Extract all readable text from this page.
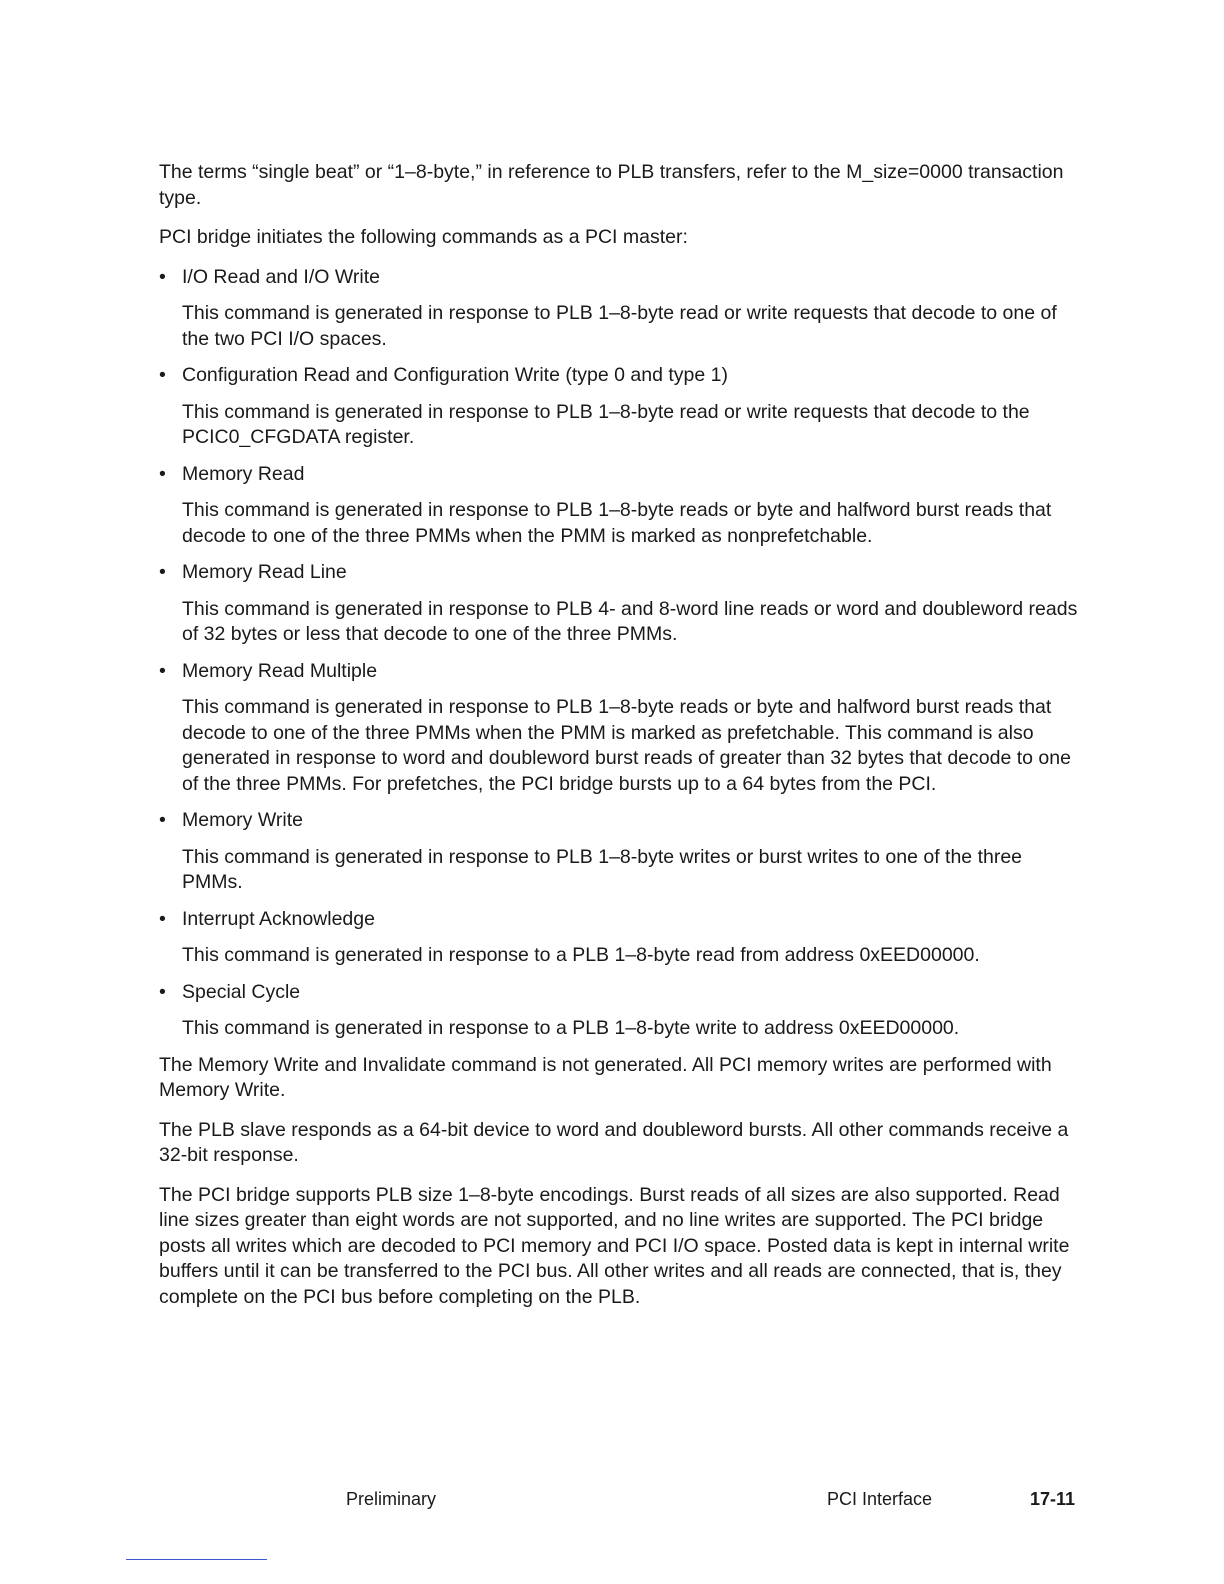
The terms “single beat” or “1–8-byte,” in reference to PLB transfers, refer to the M_size=0000 transaction type.

PCI bridge initiates the following commands as a PCI master:

• I/O Read and I/O Write
This command is generated in response to PLB 1–8-byte read or write requests that decode to one of the two PCI I/O spaces.
• Configuration Read and Configuration Write (type 0 and type 1)
This command is generated in response to PLB 1–8-byte read or write requests that decode to the PCIC0_CFGDATA register.
• Memory Read
This command is generated in response to PLB 1–8-byte reads or byte and halfword burst reads that decode to one of the three PMMs when the PMM is marked as nonprefetchable.
• Memory Read Line
This command is generated in response to PLB 4- and 8-word line reads or word and doubleword reads of 32 bytes or less that decode to one of the three PMMs.
• Memory Read Multiple
This command is generated in response to PLB 1–8-byte reads or byte and halfword burst reads that decode to one of the three PMMs when the PMM is marked as prefetchable. This command is also generated in response to word and doubleword burst reads of greater than 32 bytes that decode to one of the three PMMs. For prefetches, the PCI bridge bursts up to a 64 bytes from the PCI.
• Memory Write
This command is generated in response to PLB 1–8-byte writes or burst writes to one of the three PMMs.
• Interrupt Acknowledge
This command is generated in response to a PLB 1–8-byte read from address 0xEED00000.
• Special Cycle
This command is generated in response to a PLB 1–8-byte write to address 0xEED00000.

The Memory Write and Invalidate command is not generated. All PCI memory writes are performed with Memory Write.

The PLB slave responds as a 64-bit device to word and doubleword bursts. All other commands receive a 32-bit response.

The PCI bridge supports PLB size 1–8-byte encodings. Burst reads of all sizes are also supported. Read line sizes greater than eight words are not supported, and no line writes are supported. The PCI bridge posts all writes which are decoded to PCI memory and PCI I/O space. Posted data is kept in internal write buffers until it can be transferred to the PCI bus. All other writes and all reads are connected, that is, they complete on the PCI bus before completing on the PLB.

Preliminary	PCI Interface	17-11
